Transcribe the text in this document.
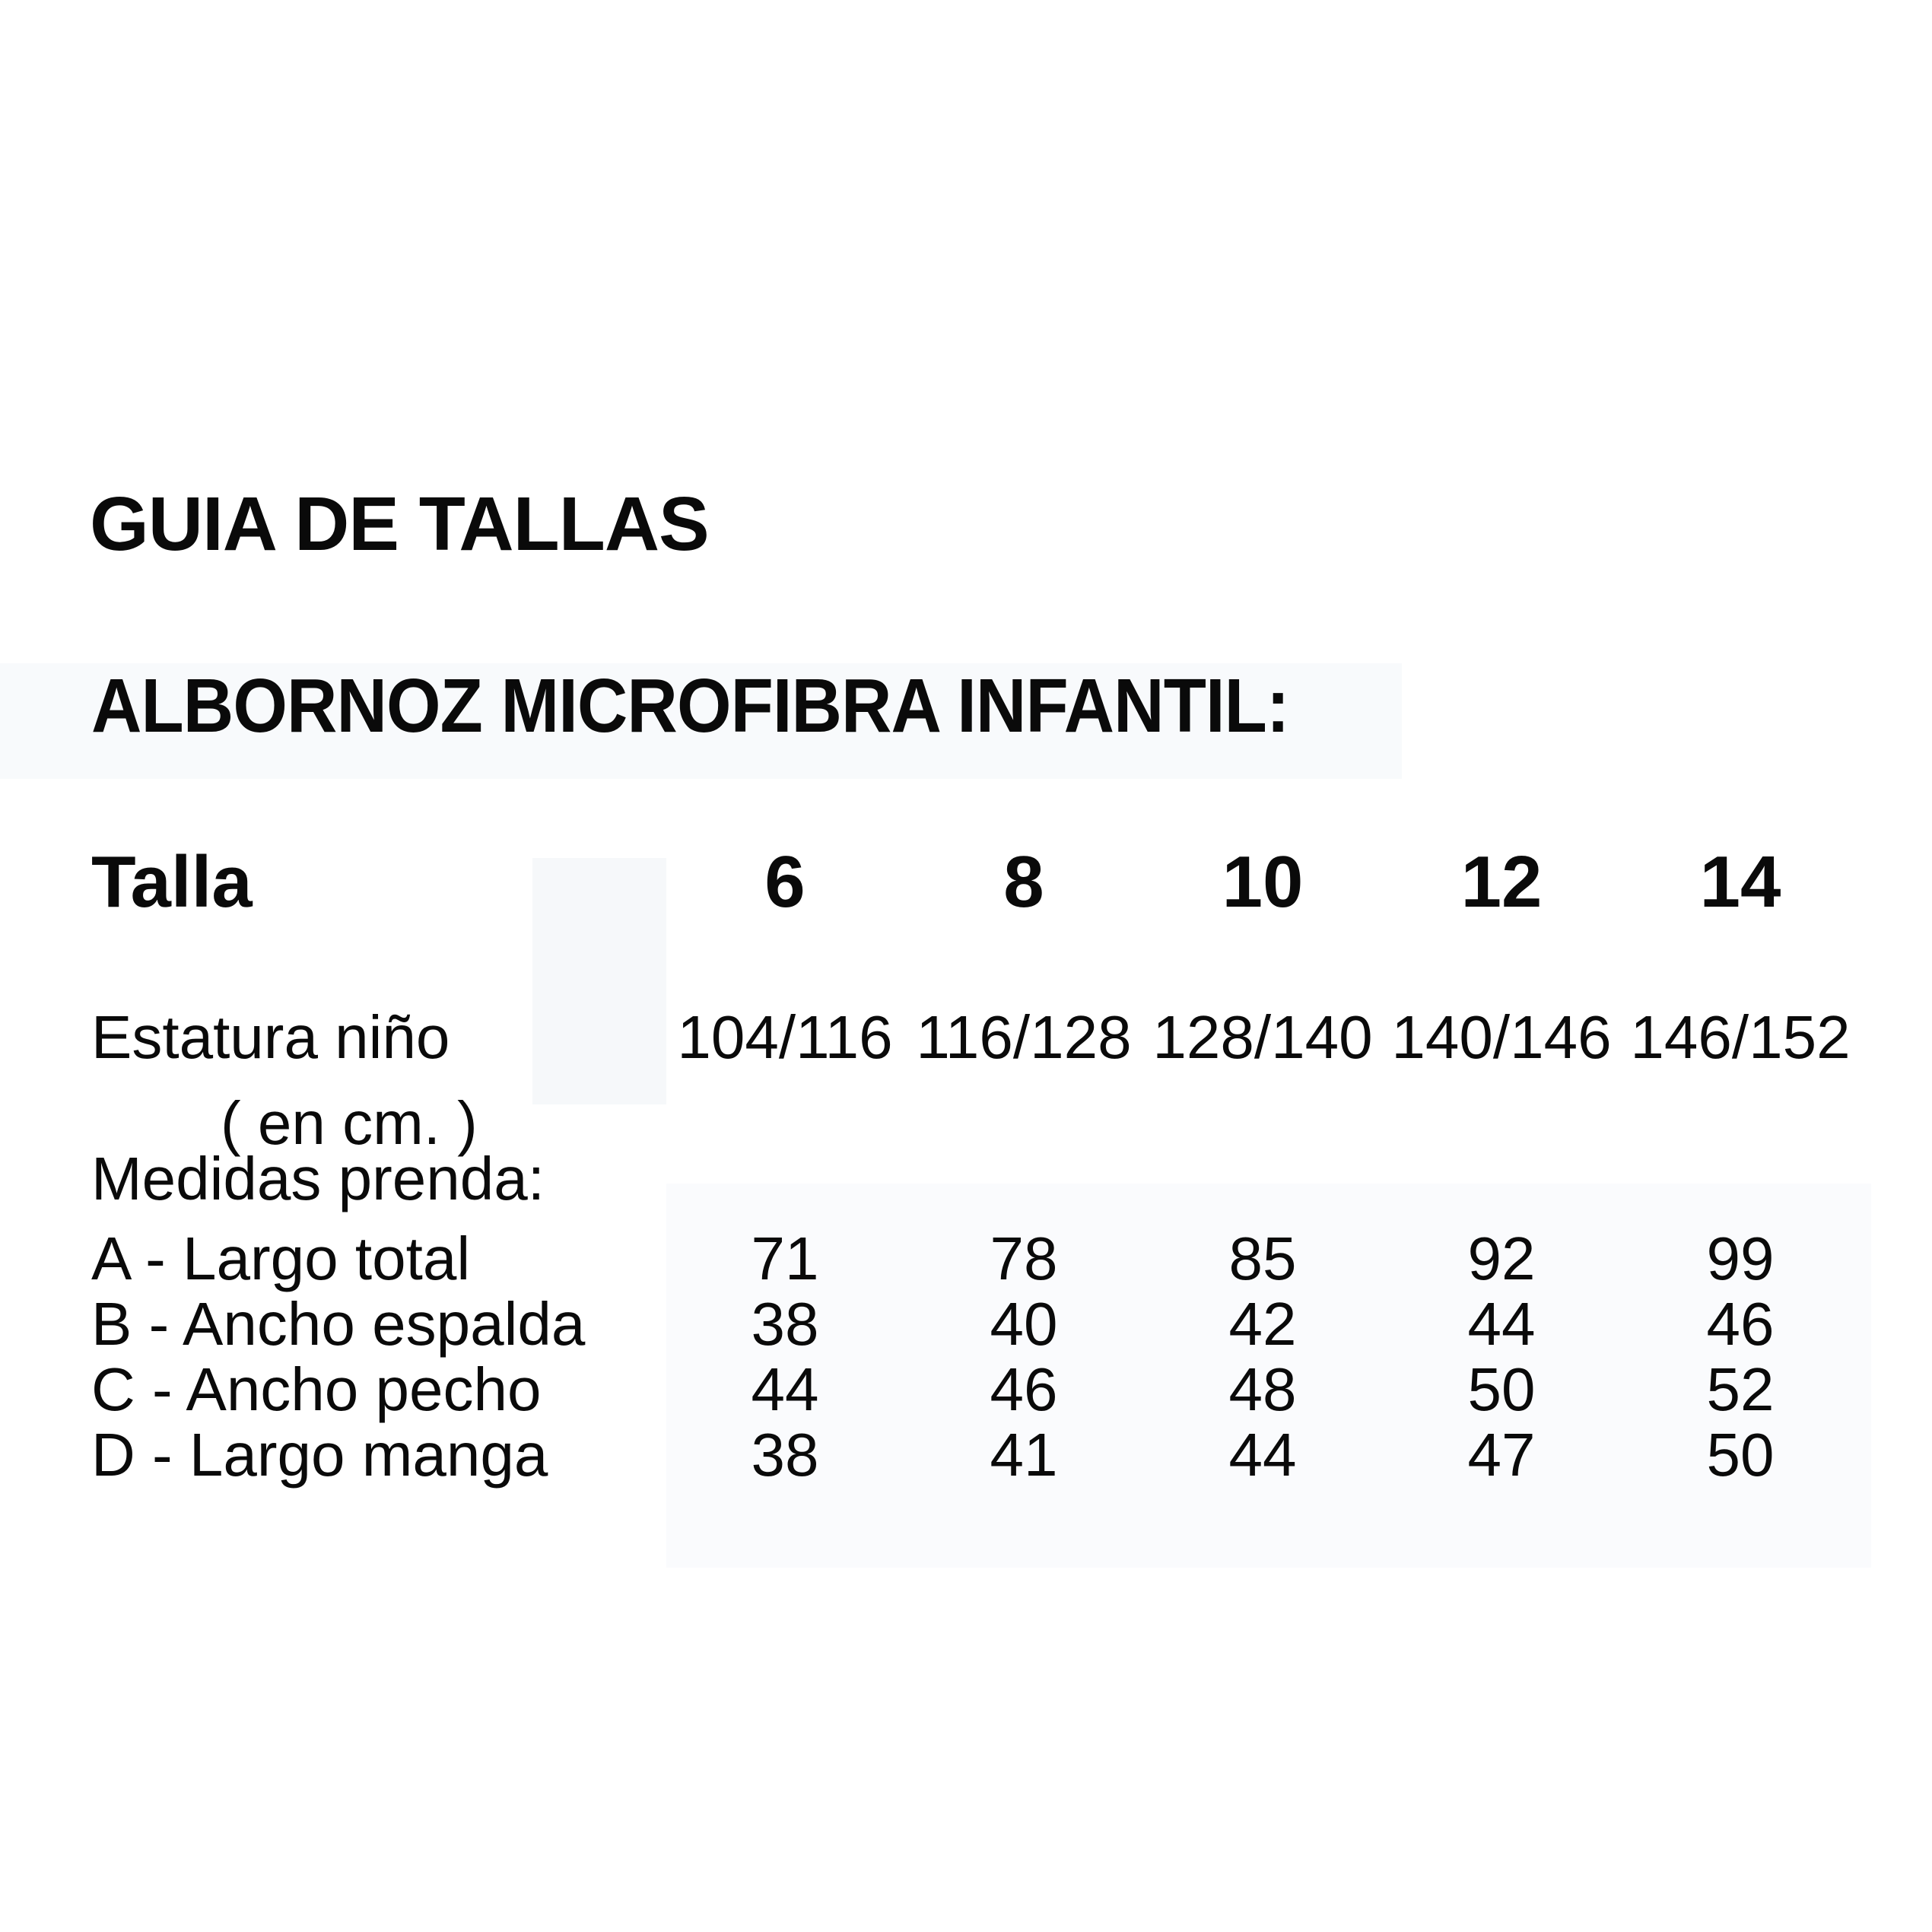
GUIA DE TALLAS
ALBORNOZ MICROFIBRA INFANTIL:
Talla	6	8	10	12	14
Estatura niño	104/116 116/128 128/140 140/146 146/152
( en cm. )
Medidas prenda:
A - Largo total	71	78	85	92	99
B - Ancho espalda	38	40	42	44	46
C - Ancho pecho	44	46	48	50	52
D - Largo manga	38	41	44	47	50
